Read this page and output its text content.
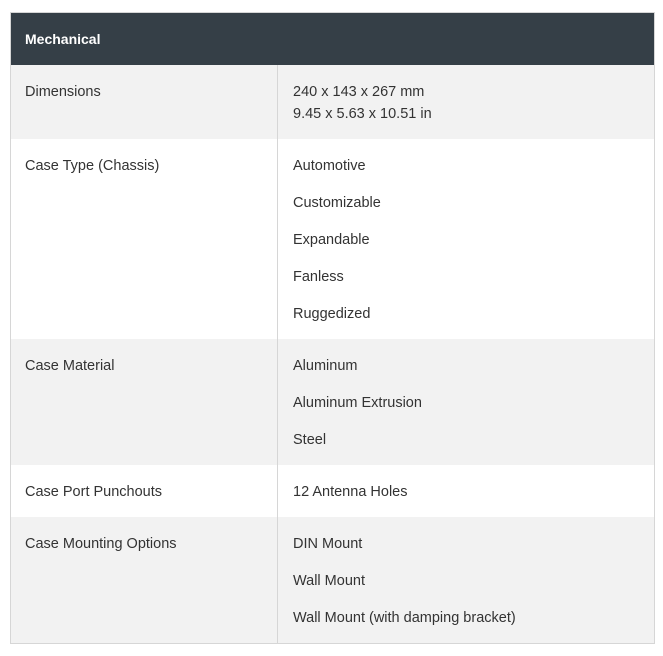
Mechanical
Dimensions	240 x 143 x 267 mm
9.45 x 5.63 x 10.51 in
Case Type (Chassis)	Automotive
Customizable
Expandable
Fanless
Ruggedized
Case Material	Aluminum
Aluminum Extrusion
Steel
Case Port Punchouts	12 Antenna Holes
Case Mounting Options	DIN Mount
Wall Mount
Wall Mount (with damping bracket)
